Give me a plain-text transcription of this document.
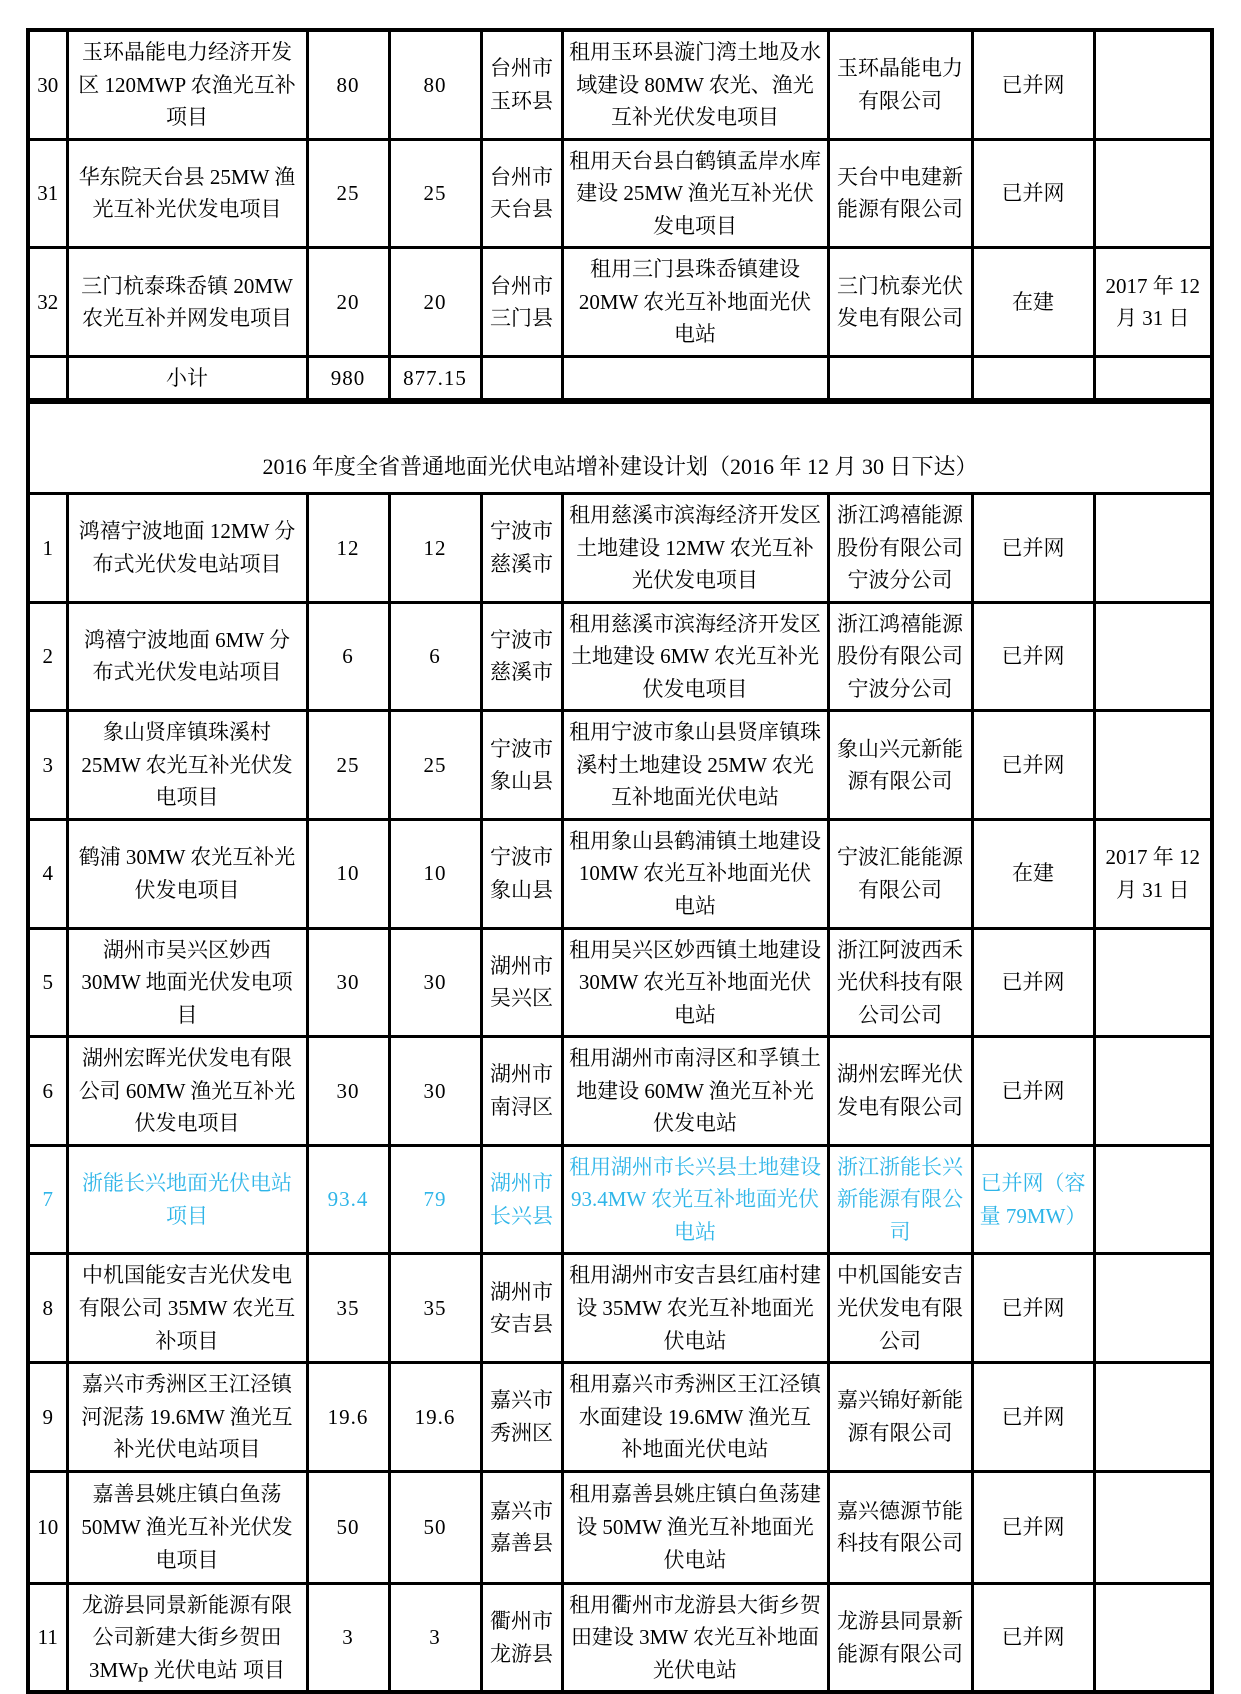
30	玉环晶能电力经济开发区 120MWP 农渔光互补项目	80	80	台州市玉环县	租用玉环县漩门湾土地及水域建设 80MW 农光、渔光互补光伏发电项目	玉环晶能电力有限公司	已并网	
31	华东院天台县 25MW 渔光互补光伏发电项目	25	25	台州市天台县	租用天台县白鹤镇孟岸水库建设 25MW 渔光互补光伏发电项目	天台中电建新能源有限公司	已并网	
32	三门杭泰珠岙镇 20MW 农光互补并网发电项目	20	20	台州市三门县	租用三门县珠岙镇建设 20MW 农光互补地面光伏电站	三门杭泰光伏发电有限公司	在建	2017 年 12 月 31 日
	小计	980	877.15					
2016 年度全省普通地面光伏电站增补建设计划（2016 年 12 月 30 日下达）								
1	鸿禧宁波地面 12MW 分布式光伏发电站项目	12	12	宁波市慈溪市	租用慈溪市滨海经济开发区土地建设 12MW 农光互补光伏发电项目	浙江鸿禧能源股份有限公司宁波分公司	已并网	
2	鸿禧宁波地面 6MW 分布式光伏发电站项目	6	6	宁波市慈溪市	租用慈溪市滨海经济开发区土地建设 6MW 农光互补光伏发电项目	浙江鸿禧能源股份有限公司宁波分公司	已并网	
3	象山贤庠镇珠溪村 25MW 农光互补光伏发电项目	25	25	宁波市象山县	租用宁波市象山县贤庠镇珠溪村土地建设 25MW 农光互补地面光伏电站	象山兴元新能源有限公司	已并网	
4	鹤浦 30MW 农光互补光伏发电项目	10	10	宁波市象山县	租用象山县鹤浦镇土地建设 10MW 农光互补地面光伏电站	宁波汇能能源有限公司	在建	2017 年 12 月 31 日
5	湖州市吴兴区妙西 30MW 地面光伏发电项目	30	30	湖州市吴兴区	租用吴兴区妙西镇土地建设 30MW 农光互补地面光伏电站	浙江阿波西禾光伏科技有限公司公司	已并网	
6	湖州宏晖光伏发电有限公司 60MW 渔光互补光伏发电项目	30	30	湖州市南浔区	租用湖州市南浔区和孚镇土地建设 60MW 渔光互补光伏发电站	湖州宏晖光伏发电有限公司	已并网	
7	浙能长兴地面光伏电站项目	93.4	79	湖州市长兴县	租用湖州市长兴县土地建设 93.4MW 农光互补地面光伏电站	浙江浙能长兴新能源有限公司	已并网（容量 79MW）	
8	中机国能安吉光伏发电有限公司 35MW 农光互补项目	35	35	湖州市安吉县	租用湖州市安吉县红庙村建设 35MW 农光互补地面光伏电站	中机国能安吉光伏发电有限公司	已并网	
9	嘉兴市秀洲区王江泾镇河泥荡 19.6MW 渔光互补光伏电站项目	19.6	19.6	嘉兴市秀洲区	租用嘉兴市秀洲区王江泾镇水面建设 19.6MW 渔光互补地面光伏电站	嘉兴锦好新能源有限公司	已并网	
10	嘉善县姚庄镇白鱼荡 50MW 渔光互补光伏发电项目	50	50	嘉兴市嘉善县	租用嘉善县姚庄镇白鱼荡建设 50MW 渔光互补地面光伏电站	嘉兴德源节能科技有限公司	已并网	
11	龙游县同景新能源有限公司新建大街乡贺田 3MWp 光伏电站 项目	3	3	衢州市龙游县	租用衢州市龙游县大街乡贺田建设 3MW 农光互补地面光伏电站	龙游县同景新能源有限公司	已并网	
